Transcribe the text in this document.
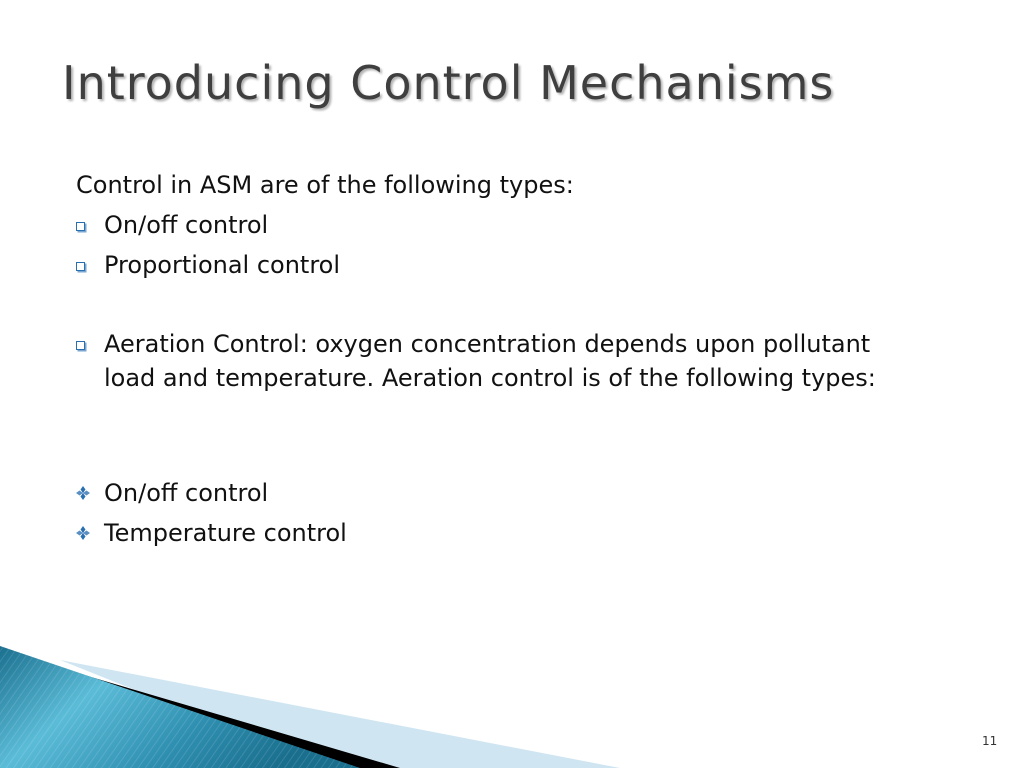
Introducing Control Mechanisms
Control in ASM are of the following types:
On/off control
Proportional control
Aeration Control: oxygen concentration depends upon pollutant load and temperature. Aeration control is of the following types:
On/off control
Temperature control
11
